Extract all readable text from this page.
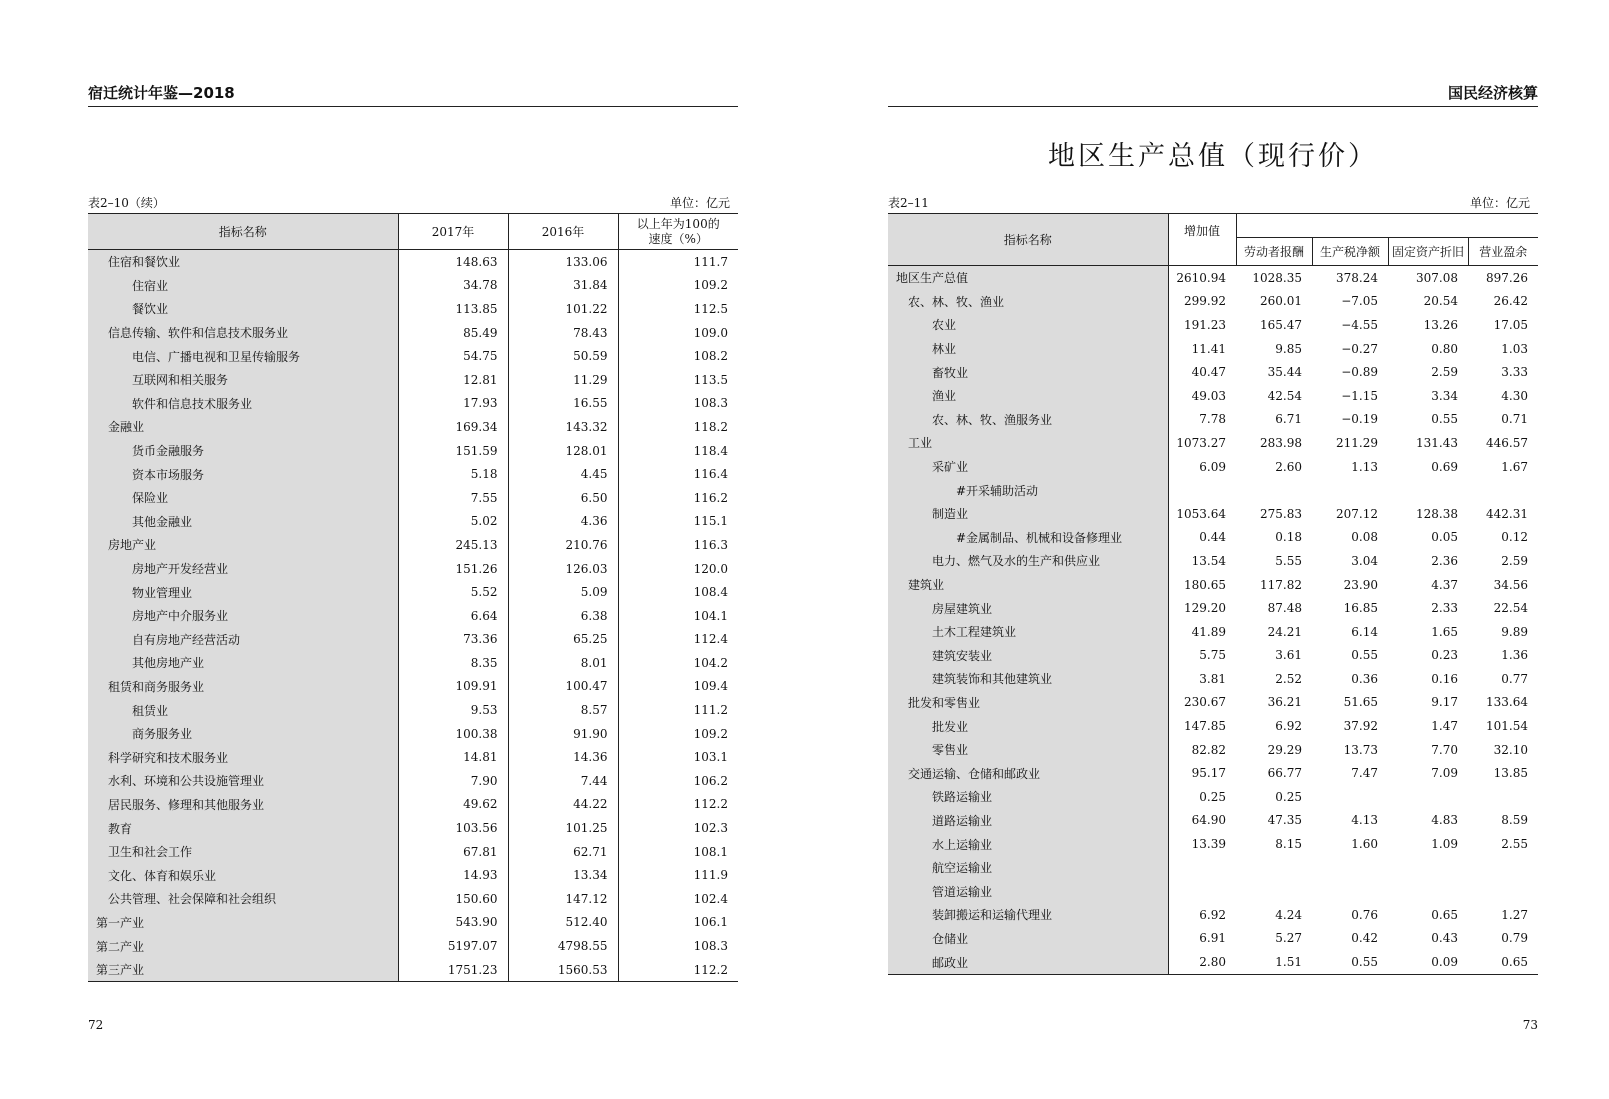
宿迁统计年鉴—2018
表2–10（续）	单位：亿元
指标名称	2017年	2016年	以上年为100的速度（%）
住宿和餐饮业	148.63	133.06	111.7
住宿业	34.78	31.84	109.2
餐饮业	113.85	101.22	112.5
信息传输、软件和信息技术服务业	85.49	78.43	109.0
电信、广播电视和卫星传输服务	54.75	50.59	108.2
互联网和相关服务	12.81	11.29	113.5
软件和信息技术服务业	17.93	16.55	108.3
金融业	169.34	143.32	118.2
货币金融服务	151.59	128.01	118.4
资本市场服务	5.18	4.45	116.4
保险业	7.55	6.50	116.2
其他金融业	5.02	4.36	115.1
房地产业	245.13	210.76	116.3
房地产开发经营业	151.26	126.03	120.0
物业管理业	5.52	5.09	108.4
房地产中介服务业	6.64	6.38	104.1
自有房地产经营活动	73.36	65.25	112.4
其他房地产业	8.35	8.01	104.2
租赁和商务服务业	109.91	100.47	109.4
租赁业	9.53	8.57	111.2
商务服务业	100.38	91.90	109.2
科学研究和技术服务业	14.81	14.36	103.1
水利、环境和公共设施管理业	7.90	7.44	106.2
居民服务、修理和其他服务业	49.62	44.22	112.2
教育	103.56	101.25	102.3
卫生和社会工作	67.81	62.71	108.1
文化、体育和娱乐业	14.93	13.34	111.9
公共管理、社会保障和社会组织	150.60	147.12	102.4
第一产业	543.90	512.40	106.1
第二产业	5197.07	4798.55	108.3
第三产业	1751.23	1560.53	112.2
72
国民经济核算
地区生产总值（现行价）
表2–11	单位：亿元
指标名称	增加值				
		劳动者报酬	生产税净额	固定资产折旧	营业盈余
地区生产总值	2610.94	1028.35	378.24	307.08	897.26
农、林、牧、渔业	299.92	260.01	−7.05	20.54	26.42
农业	191.23	165.47	−4.55	13.26	17.05
林业	11.41	9.85	−0.27	0.80	1.03
畜牧业	40.47	35.44	−0.89	2.59	3.33
渔业	49.03	42.54	−1.15	3.34	4.30
农、林、牧、渔服务业	7.78	6.71	−0.19	0.55	0.71
工业	1073.27	283.98	211.29	131.43	446.57
采矿业	6.09	2.60	1.13	0.69	1.67
#开采辅助活动					
制造业	1053.64	275.83	207.12	128.38	442.31
#金属制品、机械和设备修理业	0.44	0.18	0.08	0.05	0.12
电力、燃气及水的生产和供应业	13.54	5.55	3.04	2.36	2.59
建筑业	180.65	117.82	23.90	4.37	34.56
房屋建筑业	129.20	87.48	16.85	2.33	22.54
土木工程建筑业	41.89	24.21	6.14	1.65	9.89
建筑安装业	5.75	3.61	0.55	0.23	1.36
建筑装饰和其他建筑业	3.81	2.52	0.36	0.16	0.77
批发和零售业	230.67	36.21	51.65	9.17	133.64
批发业	147.85	6.92	37.92	1.47	101.54
零售业	82.82	29.29	13.73	7.70	32.10
交通运输、仓储和邮政业	95.17	66.77	7.47	7.09	13.85
铁路运输业	0.25	0.25			
道路运输业	64.90	47.35	4.13	4.83	8.59
水上运输业	13.39	8.15	1.60	1.09	2.55
航空运输业					
管道运输业					
装卸搬运和运输代理业	6.92	4.24	0.76	0.65	1.27
仓储业	6.91	5.27	0.42	0.43	0.79
邮政业	2.80	1.51	0.55	0.09	0.65
73
